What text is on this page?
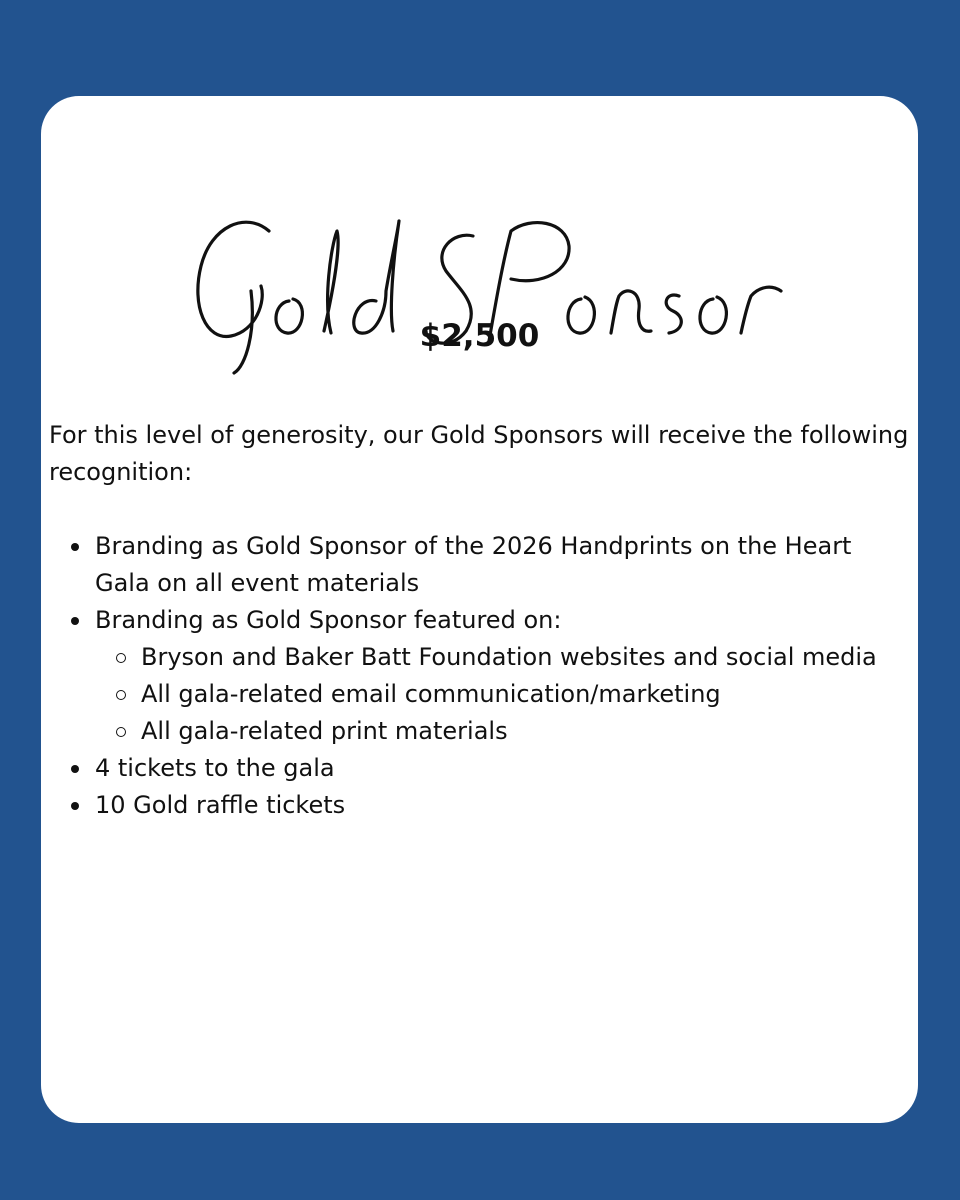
$2,500

For this level of generosity, our Gold Sponsors will receive the following recognition:

Branding as Gold Sponsor of the 2026 Handprints on the Heart Gala on all event materials
Branding as Gold Sponsor featured on:
Bryson and Baker Batt Foundation websites and social media
All gala-related email communication/marketing
All gala-related print materials
4 tickets to the gala
10 Gold raffle tickets
